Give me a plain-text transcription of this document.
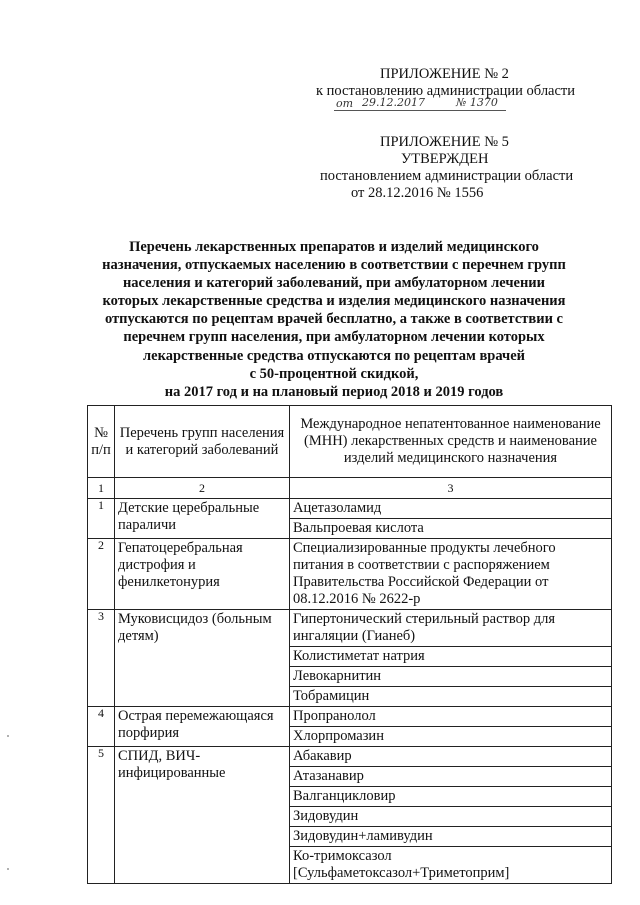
ПРИЛОЖЕНИЕ № 2
к постановлению администрации области
от 29.12.2017	№ 1370
ПРИЛОЖЕНИЕ № 5
УТВЕРЖДЕН
постановлением администрации области
от 28.12.2016 № 1556
Перечень лекарственных препаратов и изделий медицинского
назначения, отпускаемых населению в соответствии с перечнем групп
населения и категорий заболеваний, при амбулаторном лечении
которых лекарственные средства и изделия медицинского назначения
отпускаются по рецептам врачей бесплатно, а также в соответствии с
перечнем групп населения, при амбулаторном лечении которых
лекарственные средства отпускаются по рецептам врачей
с 50-процентной скидкой,
на 2017 год и на плановый период 2018 и 2019 годов
№ п/п	Перечень групп населения и категорий заболеваний	Международное непатентованное наименование (МНН) лекарственных средств и наименование изделий медицинского назначения
1	2	3
1	Детские церебральные параличи	Ацетазоламид
		Вальпроевая кислота
2	Гепатоцеребральная дистрофия и фенилкетонурия	Специализированные продукты лечебного питания в соответствии с распоряжением Правительства Российской Федерации от 08.12.2016 № 2622-р
3	Муковисцидоз (больным детям)	Гипертонический стерильный раствор для ингаляции (Гианеб)
		Колистиметат натрия
		Левокарнитин
		Тобрамицин
4	Острая перемежающаяся порфирия	Пропранолол
		Хлорпромазин
5	СПИД, ВИЧ-инфицированные	Абакавир
		Атазанавир
		Валганцикловир
		Зидовудин
		Зидовудин+ламивудин
		Ко-тримоксазол [Сульфаметоксазол+Триметоприм]
